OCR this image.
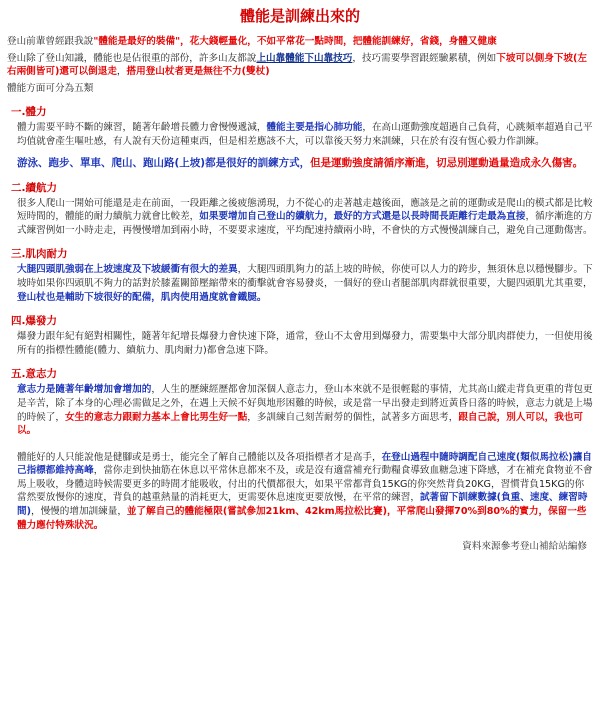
體能是訓練出來的

登山前輩曾經跟我說"體能是最好的裝備"，花大錢輕量化，不如平常花一點時間，把體能訓練好，省錢，身體又健康

登山除了登山知識，體能也是佔很重的部份，許多山友都說上山靠體能下山靠技巧，技巧需要學習跟經驗累積，例如下坡可以側身下坡(左右兩側皆可)還可以倒退走，搭用登山杖者更是無往不力(雙杖)

體能方面可分為五類

一.體力

體力需要平時不斷的練習，隨著年齡增長體力會慢慢遞減，體能主要是指心肺功能，在高山運動強度超過自己負荷，心跳頻率超過自己平均值就會產生嘔吐感，有人說有天份這種東西，但是相差應該不大，可以靠後天努力來訓練，只在於有沒有恆心毅力作訓練。

游泳、跑步、單車、爬山、跑山路(上坡)都是很好的訓練方式，但是運動強度請循序漸進，切忌別運動過量造成永久傷害。

二.續航力

很多人爬山一開始可能還是走在前面，一段距離之後疲態湧現，力不從心的走著越走越後面，應該是之前的運動或是爬山的模式都是比較短時間的，體能的耐力續航力就會比較差，如果要增加自己登山的續航力，最好的方式還是以長時間長距離行走最為直接，循序漸進的方式練習例如一小時走走，再慢慢增加到兩小時，不要要求速度，平均配速持續兩小時，不會快的方式慢慢訓練自己，避免自己運動傷害。

三.肌肉耐力

大腿四頭肌強弱在上坡速度及下坡緩衝有很大的差異，大腿四頭肌夠力的話上坡的時候，你使可以人力的跨步，無須休息以穩慢腳步。下坡時如果你四頭肌不夠力的話對於膝蓋關節壓縮帶來的衝擊就會容易發炎，一個好的登山者腿部肌肉群就很重要，大腿四頭肌尤其重要，登山杖也是輔助下坡很好的配備，肌肉使用過度就會鐵腿。

四.爆發力

爆發力跟年紀有絕對相關性，隨著年紀增長爆發力會快速下降，通常，登山不太會用到爆發力，需要集中大部分肌肉群使力，一但使用後所有的指標性體能(體力、續航力、肌肉耐力)都會急速下降。

五.意志力

意志力是隨著年齡增加會增加的，人生的歷練經歷都會加深個人意志力，登山本來就不是很輕鬆的事情，尤其高山縱走背負更重的背包更是辛苦，除了本身的心理必需做足之外，在遇上天候不好與地形困難的時候，或是當一早出發走到將近黃昏日落的時候，意志力就是上場的時候了，女生的意志力跟耐力基本上會比男生好一點，多訓練自己刻苦耐勞的個性，試著多方面思考，跟自己說，別人可以，我也可以。

體能好的人只能說他是健腳或是勇士，能完全了解自己體能以及各項指標者才是高手，在登山過程中隨時調配自己速度(類似馬拉松)讓自己指標都維持高峰，當你走到快抽筋在休息以平常休息都來不及，或是沒有適當補充行動糧食導致血糖急速下降感，才在補充食物並不會馬上吸收，身體這時候需要更多的時間才能吸收，付出的代價都很大，如果平常都背負15KG的你突然背負20KG，習慣背負15KG的你當然要放慢你的速度，背負的越重熱量的消耗更大，更需要休息速度更要放慢，在平常的練習，試著留下訓練數據(負重、速度、練習時間)，慢慢的增加訓練量，並了解自己的體能極限(嘗試參加21km、42km馬拉松比賽)，平常爬山發揮70%到80%的實力，保留一些體力應付特殊狀況。

資料來源參考登山補給站編修
